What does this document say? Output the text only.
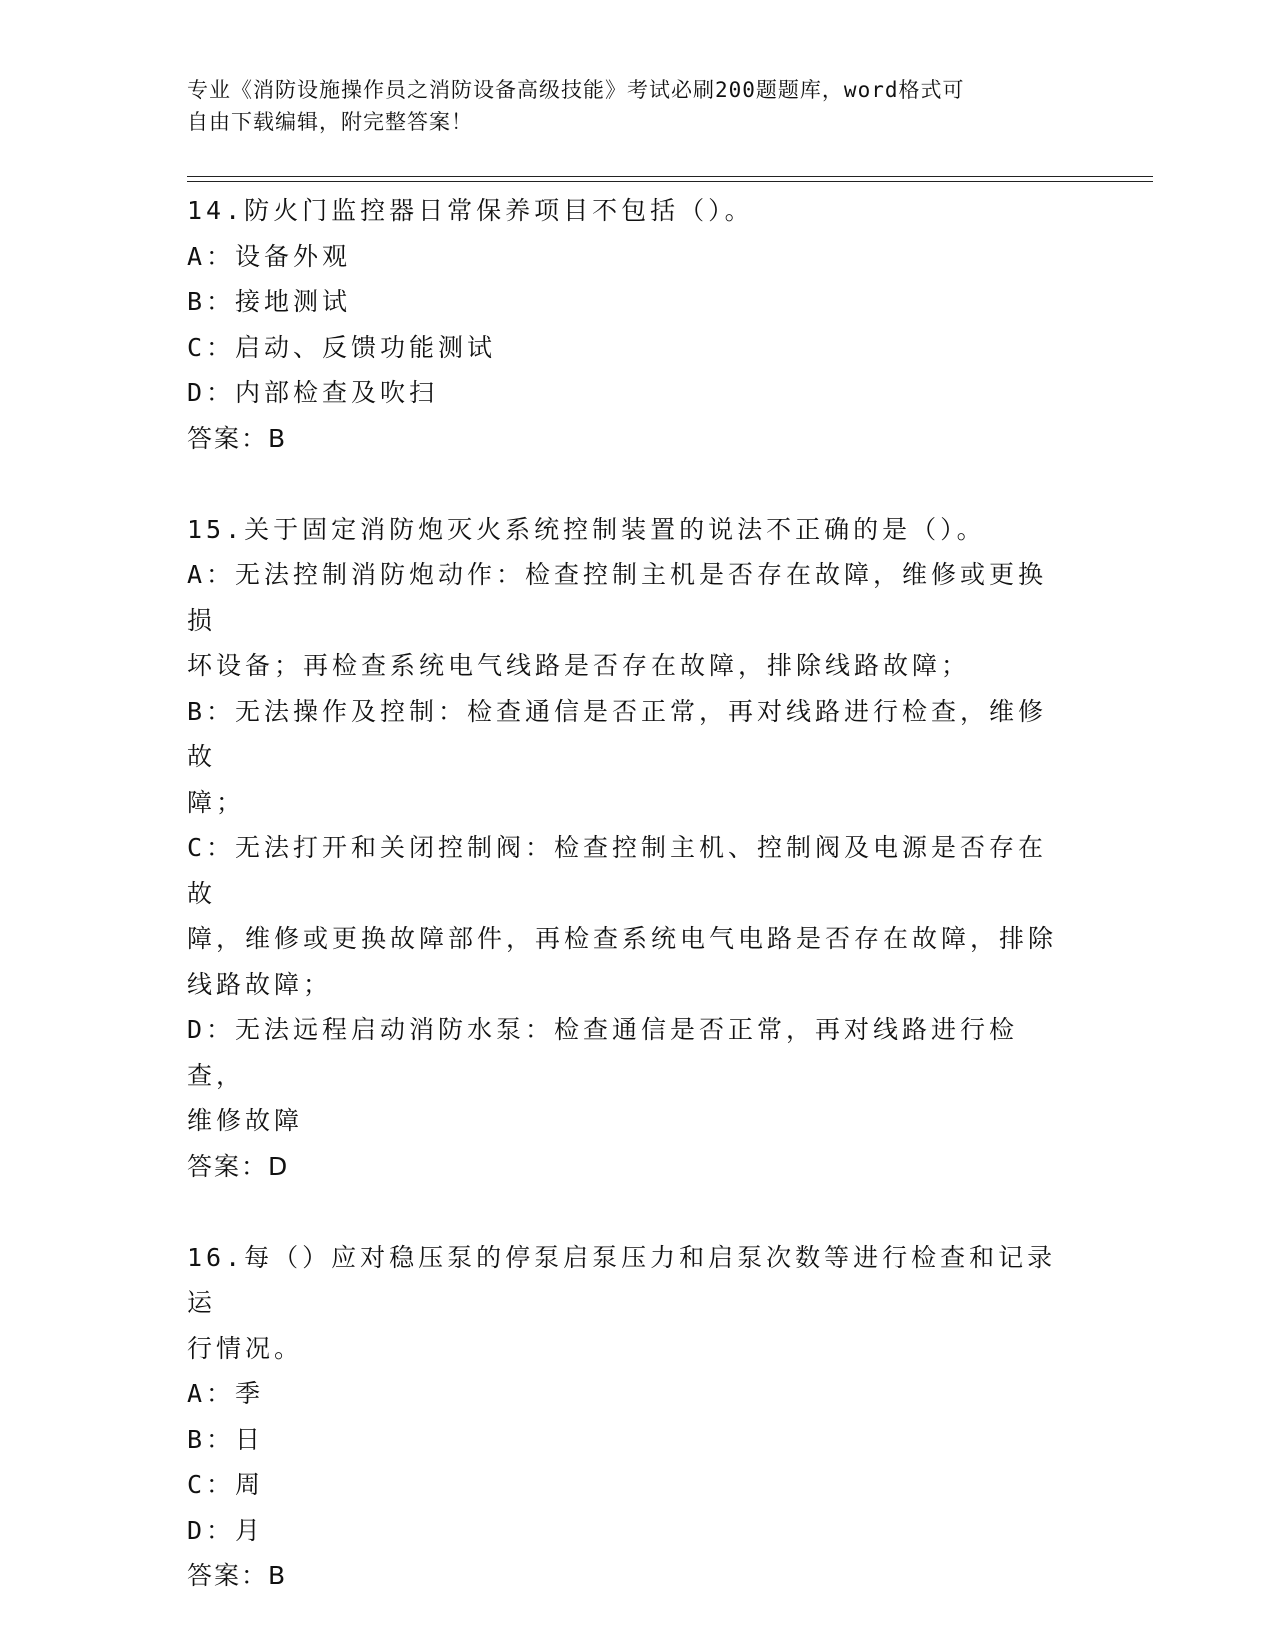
专业《消防设施操作员之消防设备高级技能》考试必刷200题题库，word格式可
自由下载编辑，附完整答案！
14.防火门监控器日常保养项目不包括（）。
A：设备外观
B：接地测试
C：启动、反馈功能测试
D：内部检查及吹扫
答案：B
15.关于固定消防炮灭火系统控制装置的说法不正确的是（）。
A：无法控制消防炮动作：检查控制主机是否存在故障，维修或更换损
坏设备；再检查系统电气线路是否存在故障，排除线路故障；
B：无法操作及控制：检查通信是否正常，再对线路进行检查，维修故
障；
C：无法打开和关闭控制阀：检查控制主机、控制阀及电源是否存在故
障，维修或更换故障部件，再检查系统电气电路是否存在故障，排除
线路故障；
D：无法远程启动消防水泵：检查通信是否正常，再对线路进行检查，
维修故障
答案：D
16.每（）应对稳压泵的停泵启泵压力和启泵次数等进行检查和记录运
行情况。
A：季
B：日
C：周
D：月
答案：B
